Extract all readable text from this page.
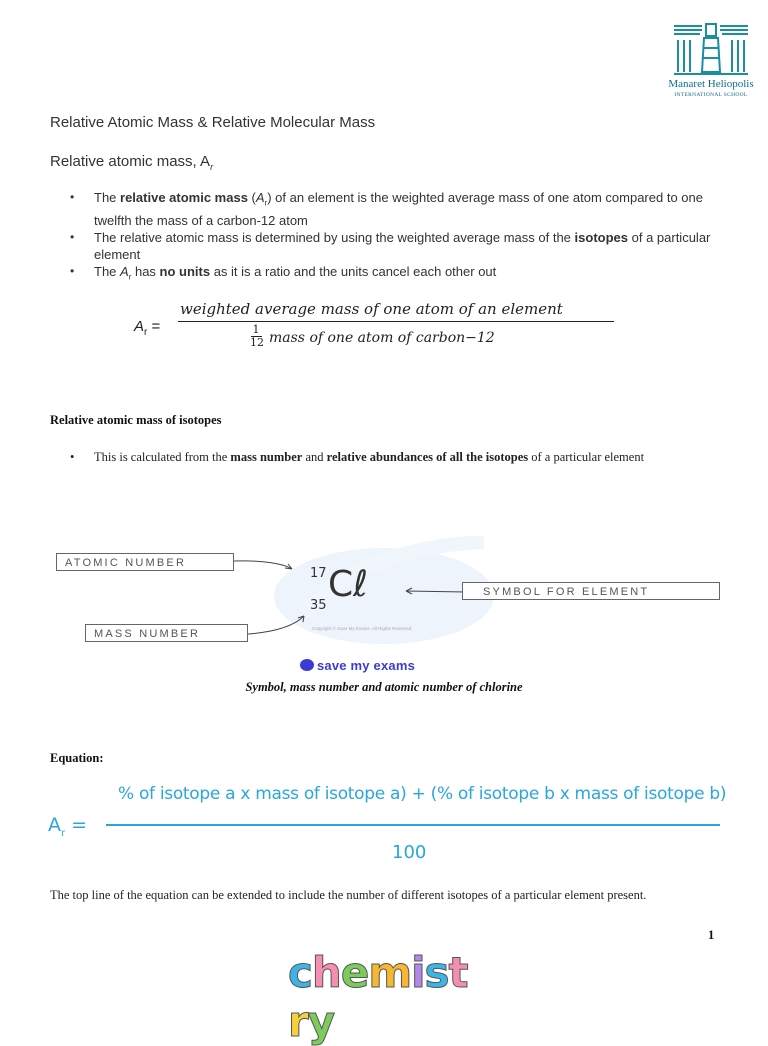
Manaret Heliopolis
INTERNATIONAL SCHOOL
Relative Atomic Mass & Relative Molecular Mass
Relative atomic mass, $A_r$
• The relative atomic mass $(A_r)$ of an element is the weighted average mass of one atom compared to one twelfth the mass of a carbon-12 atom
• The relative atomic mass is determined by using the weighted average mass of the isotopes of a particular element
• The $A_r$ has no units as it is a ratio and the units cancel each other out
$A_r$ =
weighted average mass of one atom of an element
1
12 mass of one atom of carbon−12
Relative atomic mass of isotopes
• This is calculated from the mass number and relative abundances of all the isotopes of a particular element
ATOMIC NUMBER
MASS NUMBER
SYMBOL FOR ELEMENT
17
35
Cℓ
Copyright © Save My Exams. All Rights Reserved
save my exams
Symbol, mass number and atomic number of chlorine
Equation:
$A_r$ =
% of isotope a x mass of isotope a) + (% of isotope b x mass of isotope b)
100
The top line of the equation can be extended to include the number of different isotopes of a particular element present.
1
chemistry
